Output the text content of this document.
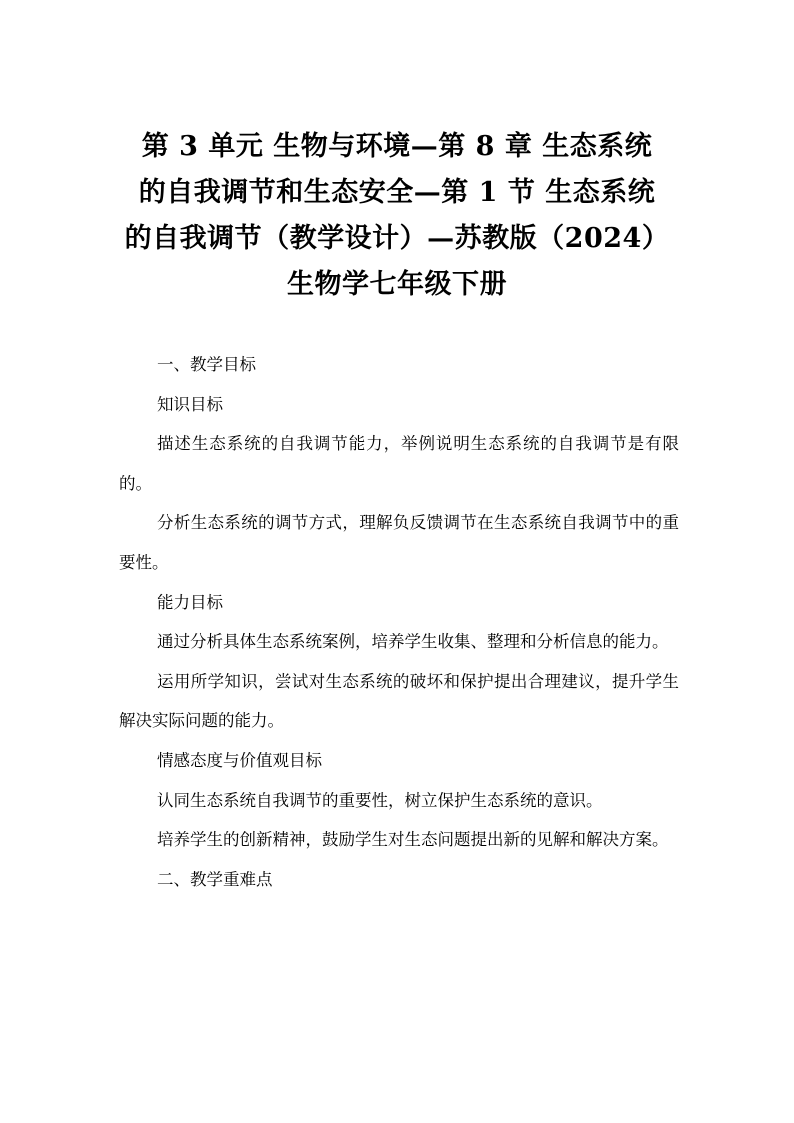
第 3 单元 生物与环境—第 8 章 生态系统
的自我调节和生态安全—第 1 节 生态系统
的自我调节（教学设计）—苏教版（2024）
生物学七年级下册

一、教学目标

知识目标

描述生态系统的自我调节能力，举例说明生态系统的自我调节是有限的。

分析生态系统的调节方式，理解负反馈调节在生态系统自我调节中的重要性。

能力目标

通过分析具体生态系统案例，培养学生收集、整理和分析信息的能力。

运用所学知识，尝试对生态系统的破坏和保护提出合理建议，提升学生解决实际问题的能力。

情感态度与价值观目标

认同生态系统自我调节的重要性，树立保护生态系统的意识。

培养学生的创新精神，鼓励学生对生态问题提出新的见解和解决方案。

二、教学重难点
